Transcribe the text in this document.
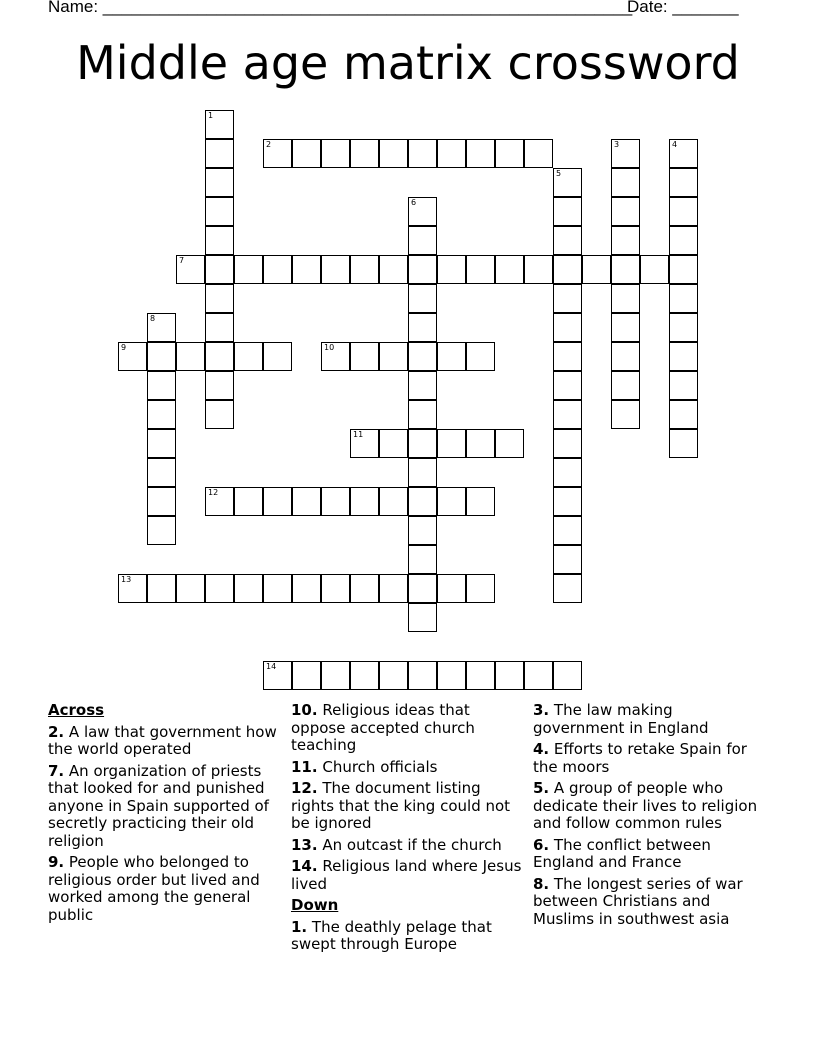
Name: ________________________________________________________
Date: _______
Middle age matrix crossword
1
2	3	4
5
6
7
8
9	10
11
12
13
14
Across
2. A law that government how the world operated
7. An organization of priests that looked for and punished anyone in Spain supported of secretly practicing their old religion
9. People who belonged to religious order but lived and worked among the general public
10. Religious ideas that oppose accepted church teaching
11. Church officials
12. The document listing rights that the king could not be ignored
13. An outcast if the church
14. Religious land where Jesus lived
Down
1. The deathly pelage that swept through Europe
3. The law making government in England
4. Efforts to retake Spain for the moors
5. A group of people who dedicate their lives to religion and follow common rules
6. The conflict between England and France
8. The longest series of war between Christians and Muslims in southwest asia
